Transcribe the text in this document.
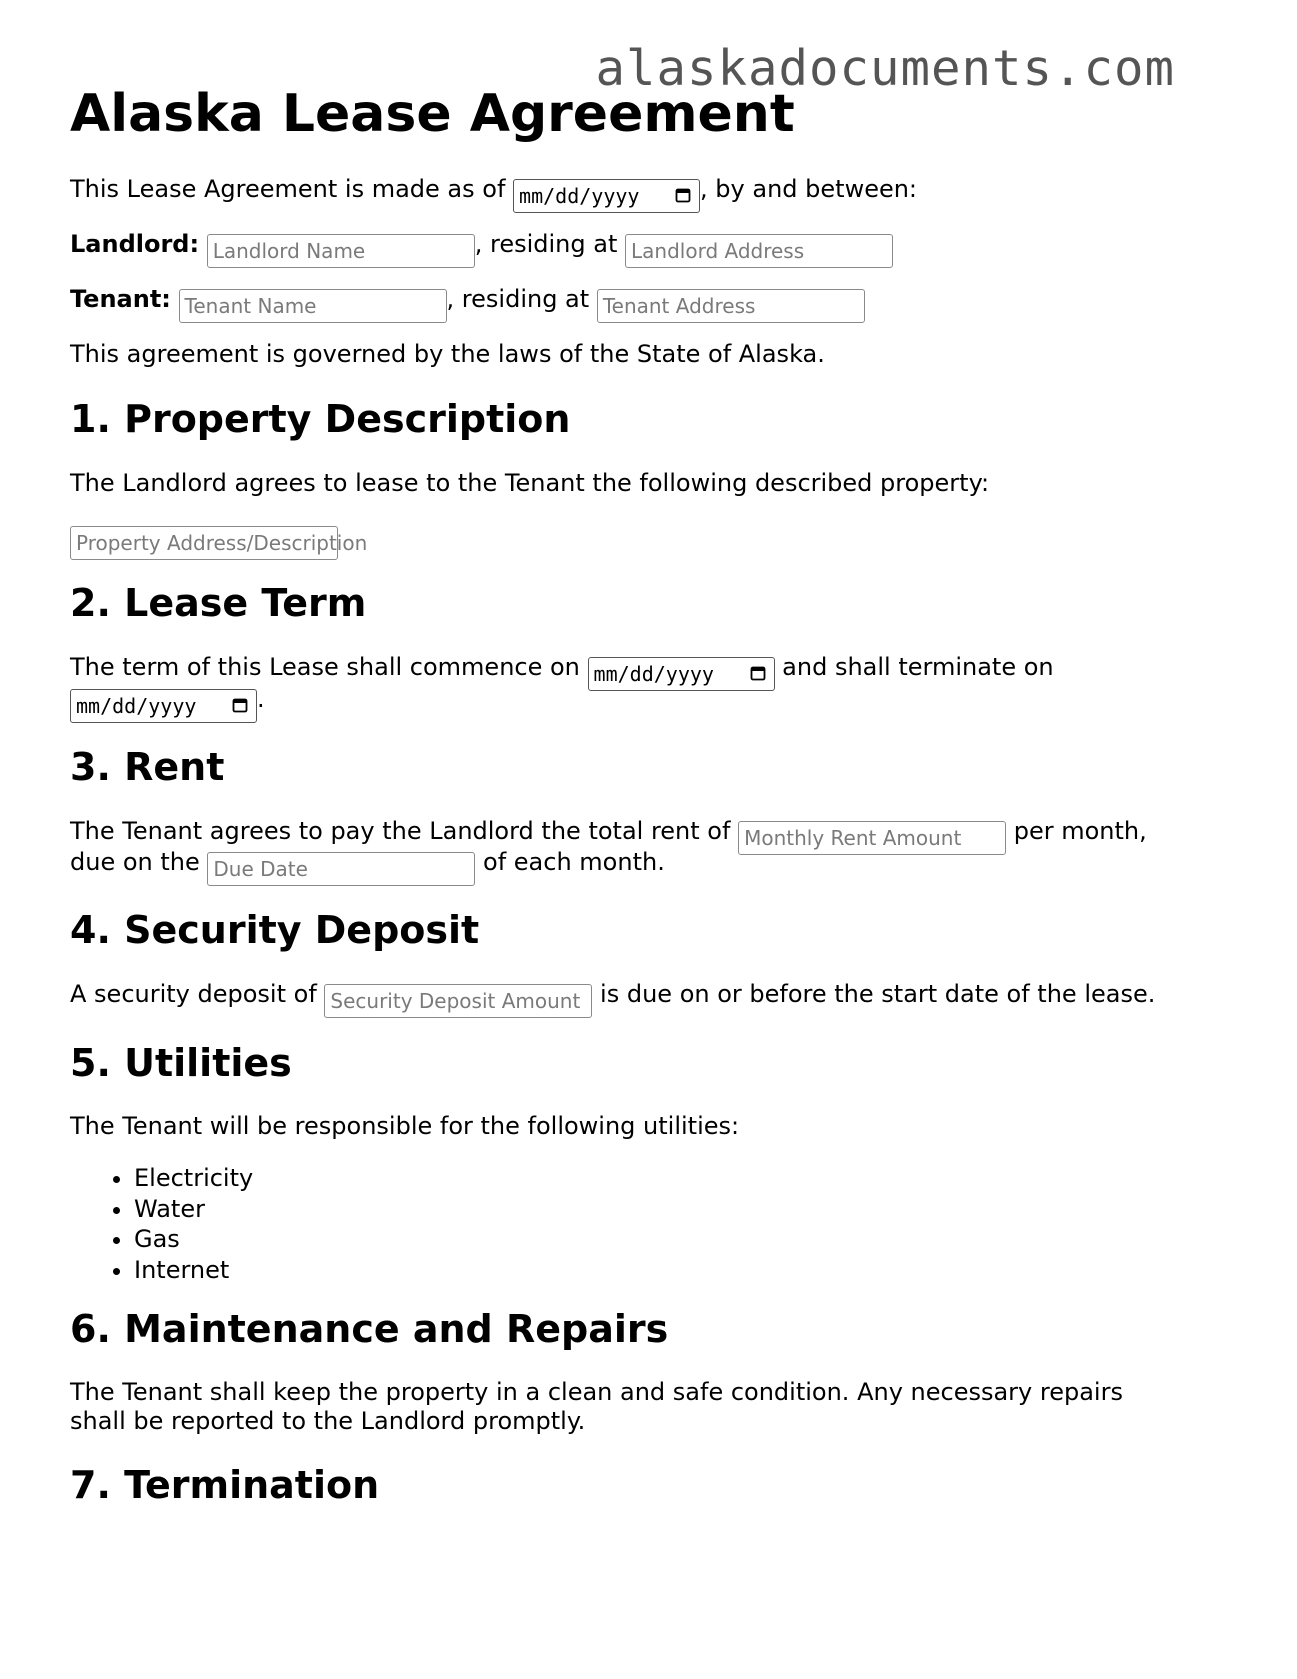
alaskadocuments.com
Alaska Lease Agreement
This Lease Agreement is made as of mm/dd/yyyy	, by and between:
Landlord: Landlord Name	, residing at Landlord Address
Tenant: Tenant Name	, residing at Tenant Address
This agreement is governed by the laws of the State of Alaska.
1. Property Description
The Landlord agrees to lease to the Tenant the following described property:
Property Address/Description
2. Lease Term
The term of this Lease shall commence on mm/dd/yyyy	and shall terminate on
mm/dd/yyyy	.
3. Rent
The Tenant agrees to pay the Landlord the total rent of Monthly Rent Amount per month,
due on the Due Date	of each month.
4. Security Deposit
A security deposit of Security Deposit Amount is due on or before the start date of the lease.
5. Utilities
The Tenant will be responsible for the following utilities:
• Electricity
• Water
• Gas
• Internet
6. Maintenance and Repairs
The Tenant shall keep the property in a clean and safe condition. Any necessary repairs
shall be reported to the Landlord promptly.
7. Termination
